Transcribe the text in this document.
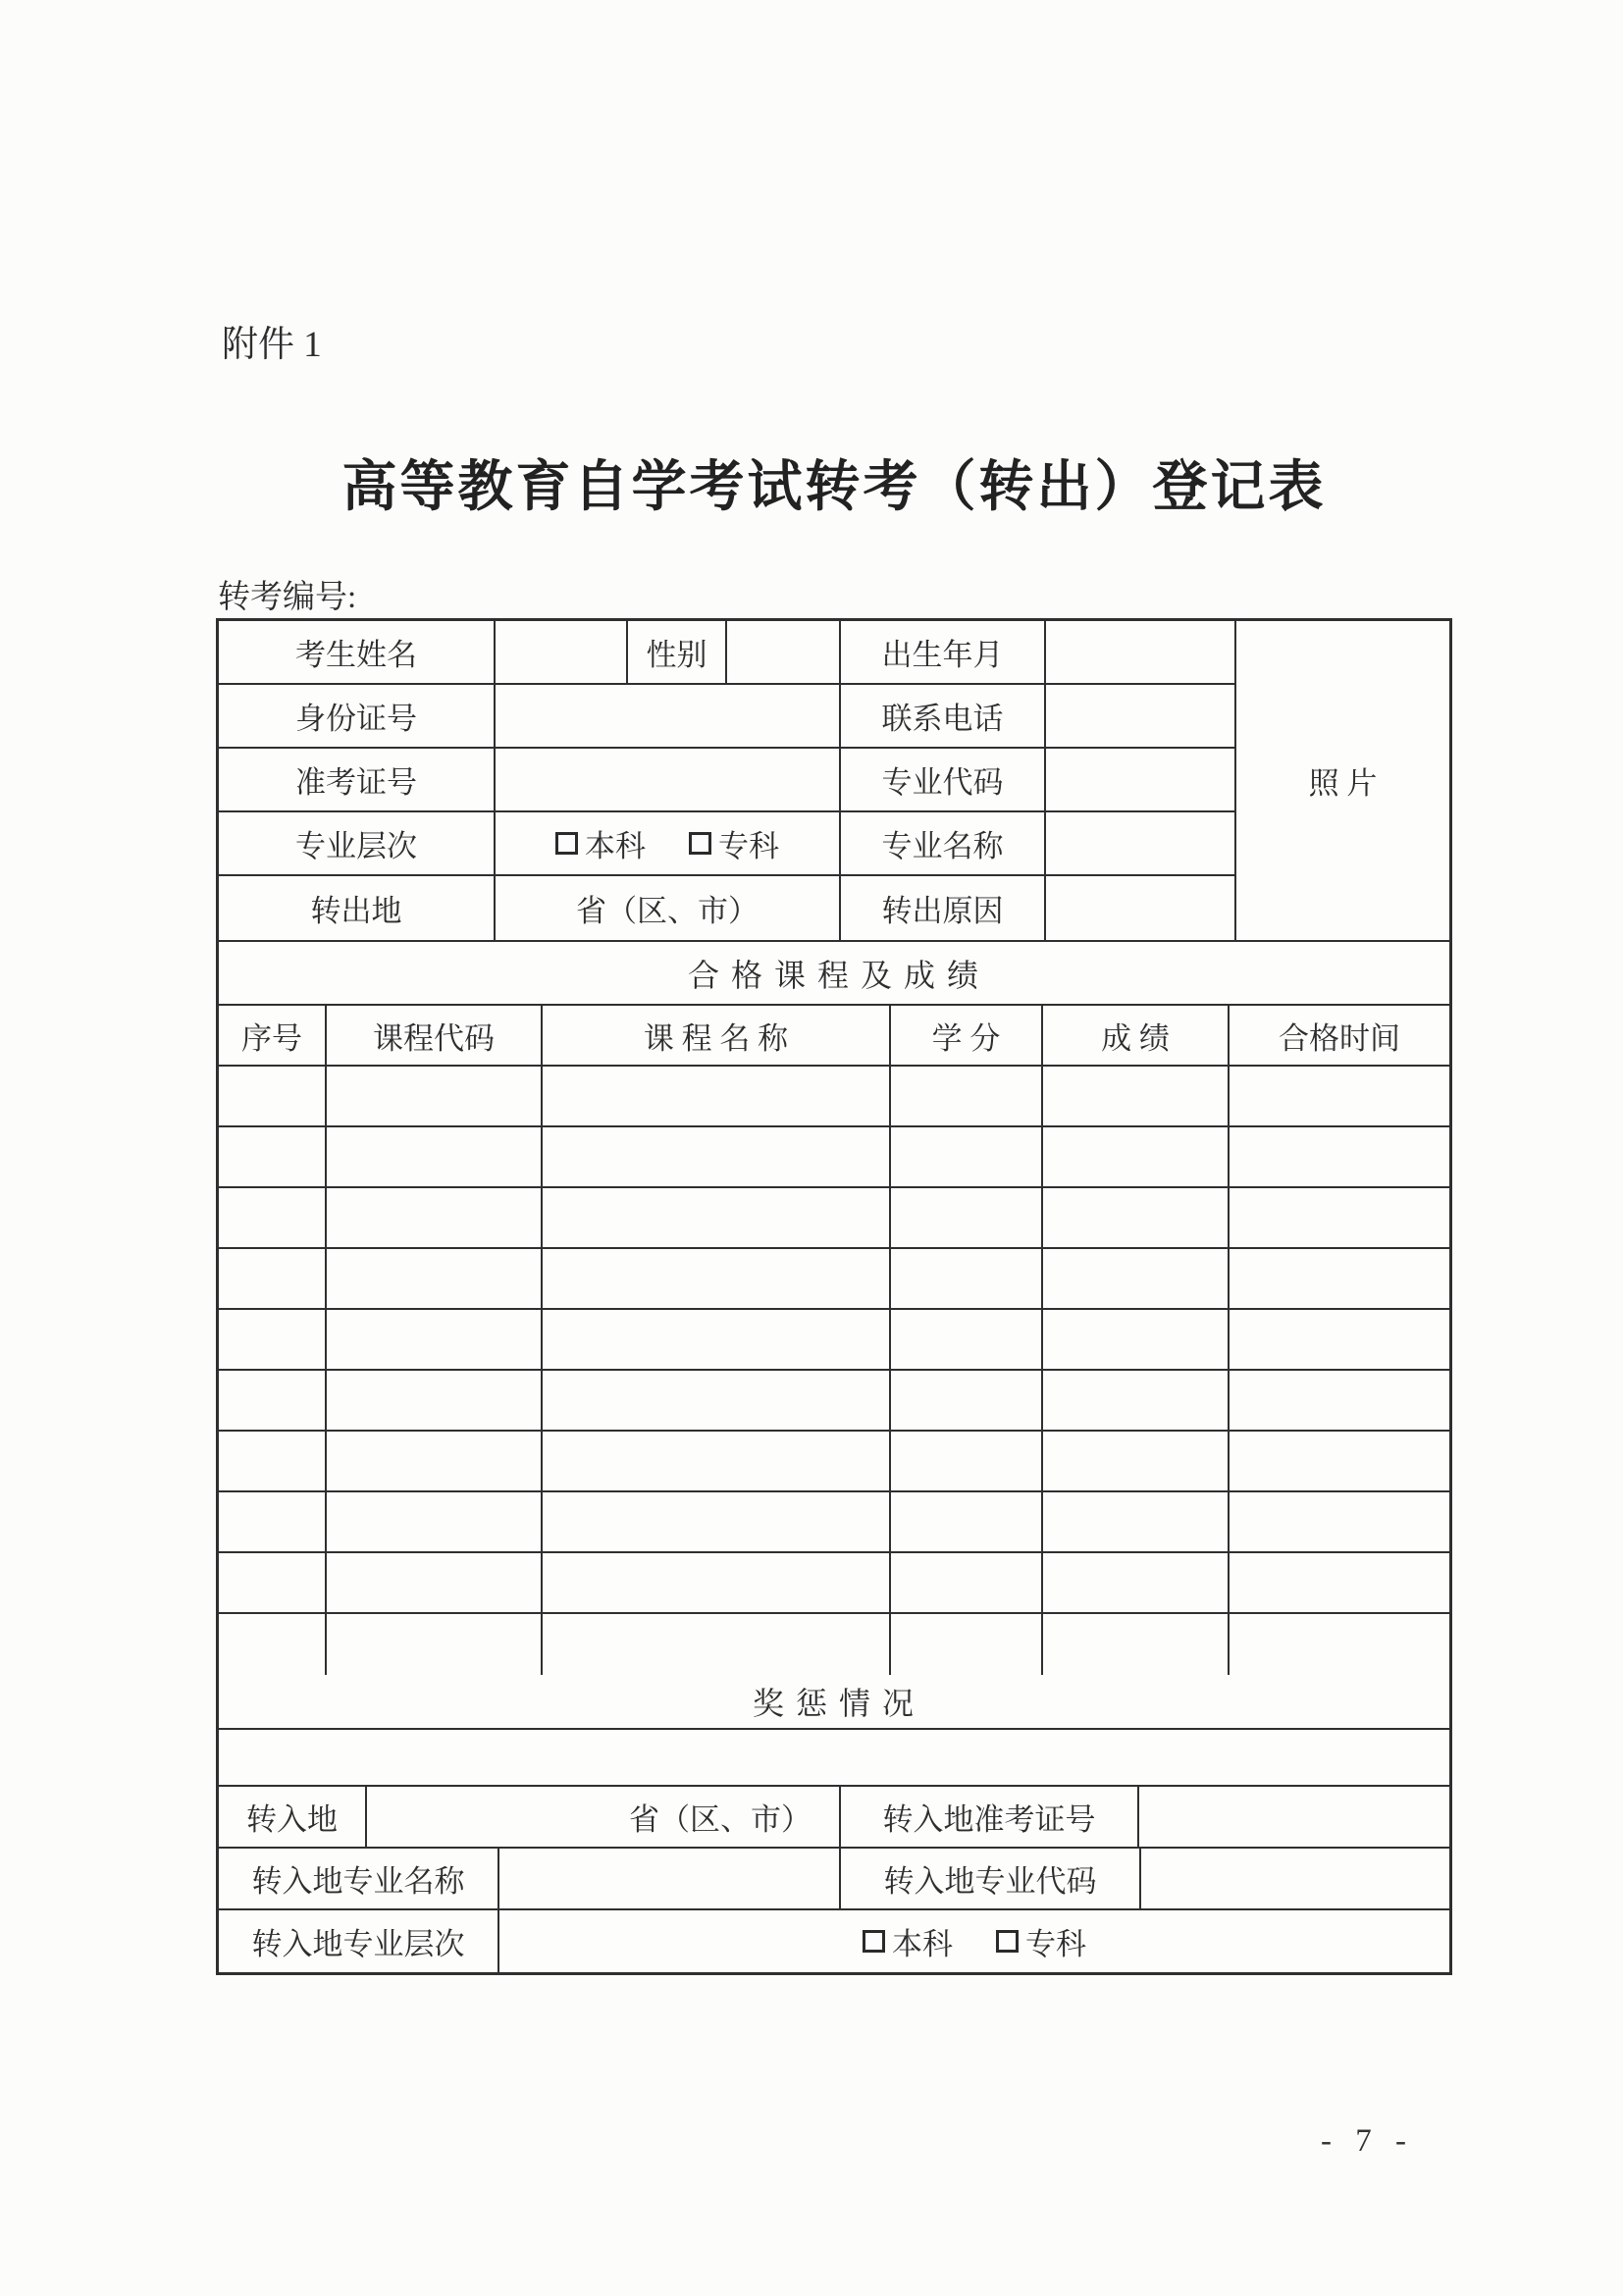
附件 1
高等教育自学考试转考（转出）登记表
转考编号:
考生姓名	性别	出生年月
身份证号	联系电话
准考证号	专业代码
专业层次	本科 专科	专业名称
转出地	省（区、市）	转出原因
照 片
合 格 课 程 及 成 绩
序号	课程代码	课 程 名 称	学 分	成 绩	合格时间
奖 惩 情 况
转入地	省（区、市）	转入地准考证号
转入地专业名称	转入地专业代码
转入地专业层次	本科 专科
- 7 -
